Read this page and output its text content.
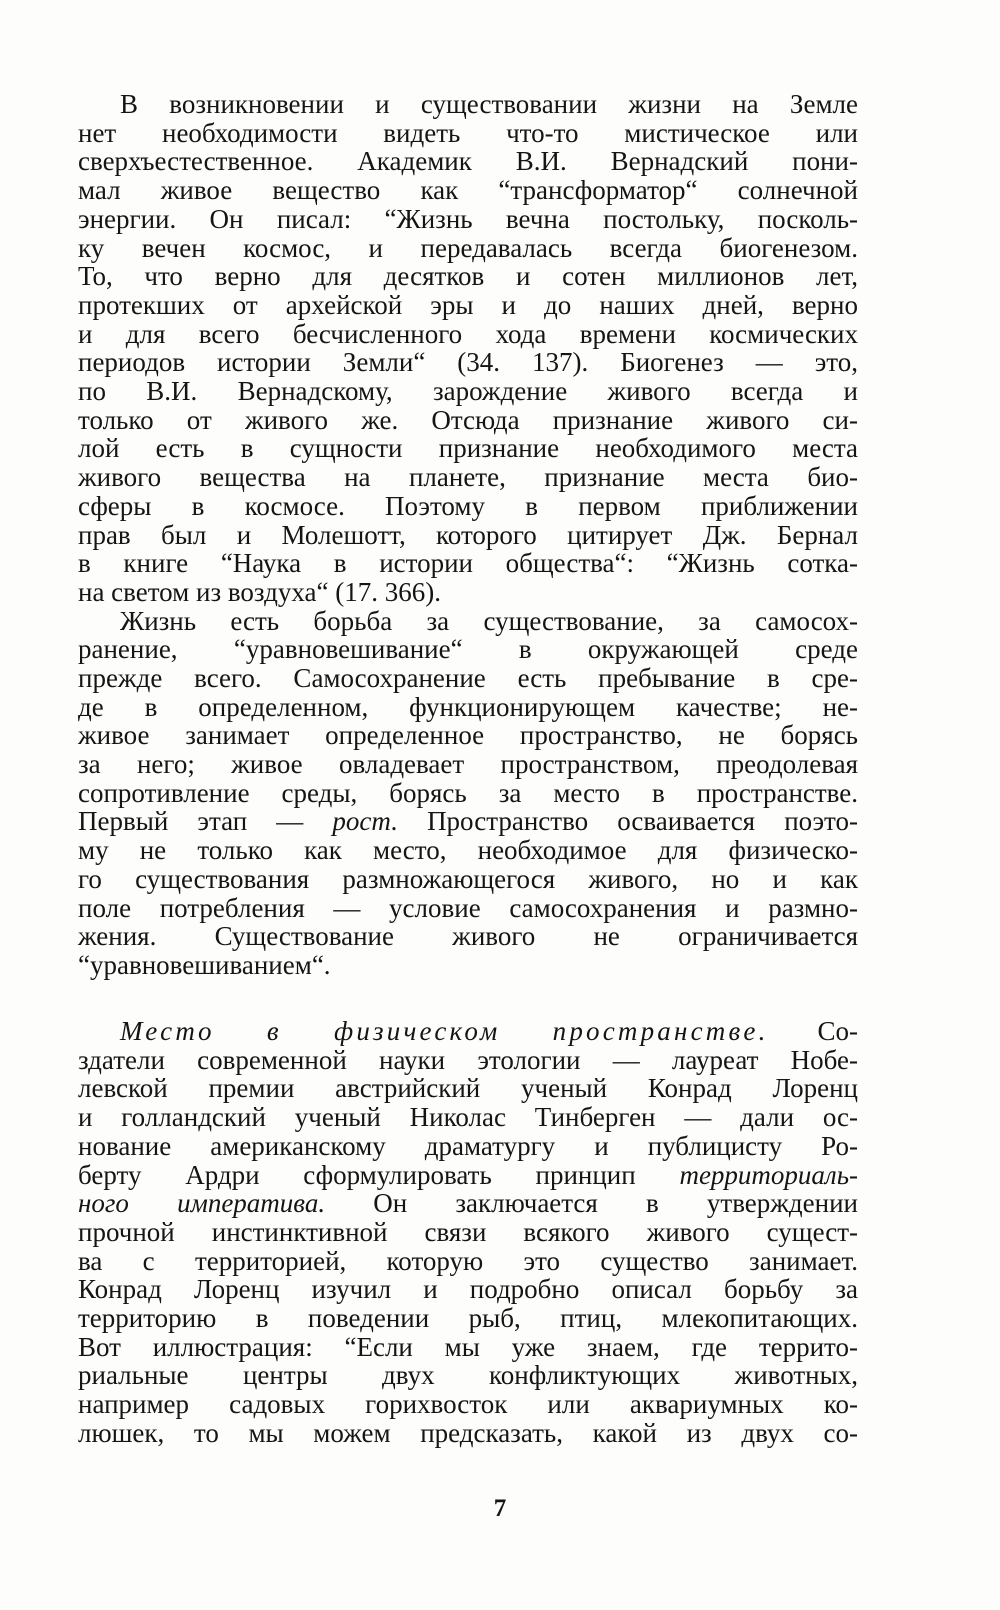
В возникновении и существовании жизни на Земле
нет необходимости видеть что-то мистическое или
сверхъестественное. Академик В.И. Вернадский пони-
мал живое вещество как “трансформатор“ солнечной
энергии. Он писал: “Жизнь вечна постольку, посколь-
ку вечен космос, и передавалась всегда биогенезом.
То, что верно для десятков и сотен миллионов лет,
протекших от архейской эры и до наших дней, верно
и для всего бесчисленного хода времени космических
периодов истории Земли“ (34. 137). Биогенез — это,
по В.И. Вернадскому, зарождение живого всегда и
только от живого же. Отсюда признание живого си-
лой есть в сущности признание необходимого места
живого вещества на планете, признание места био-
сферы в космосе. Поэтому в первом приближении
прав был и Молешотт, которого цитирует Дж. Бернал
в книге “Наука в истории общества“: “Жизнь сотка-
на светом из воздуха“ (17. 366).
Жизнь есть борьба за существование, за самосох-
ранение, “уравновешивание“ в окружающей среде
прежде всего. Самосохранение есть пребывание в сре-
де в определенном, функционирующем качестве; не-
живое занимает определенное пространство, не борясь
за него; живое овладевает пространством, преодолевая
сопротивление среды, борясь за место в пространстве.
Первый этап — рост. Пространство осваивается поэто-
му не только как место, необходимое для физическо-
го существования размножающегося живого, но и как
поле потребления — условие самосохранения и размно-
жения. Существование живого не ограничивается
“уравновешиванием“.
Место в физическом пространстве. Со-
здатели современной науки этологии — лауреат Нобе-
левской премии австрийский ученый Конрад Лоренц
и голландский ученый Николас Тинберген — дали ос-
нование американскому драматургу и публицисту Ро-
берту Ардри сформулировать принцип территориаль-
ного императива. Он заключается в утверждении
прочной инстинктивной связи всякого живого сущест-
ва с территорией, которую это существо занимает.
Конрад Лоренц изучил и подробно описал борьбу за
территорию в поведении рыб, птиц, млекопитающих.
Вот иллюстрация: “Если мы уже знаем, где террито-
риальные центры двух конфликтующих животных,
например садовых горихвосток или аквариумных ко-
люшек, то мы можем предсказать, какой из двух со-
7
